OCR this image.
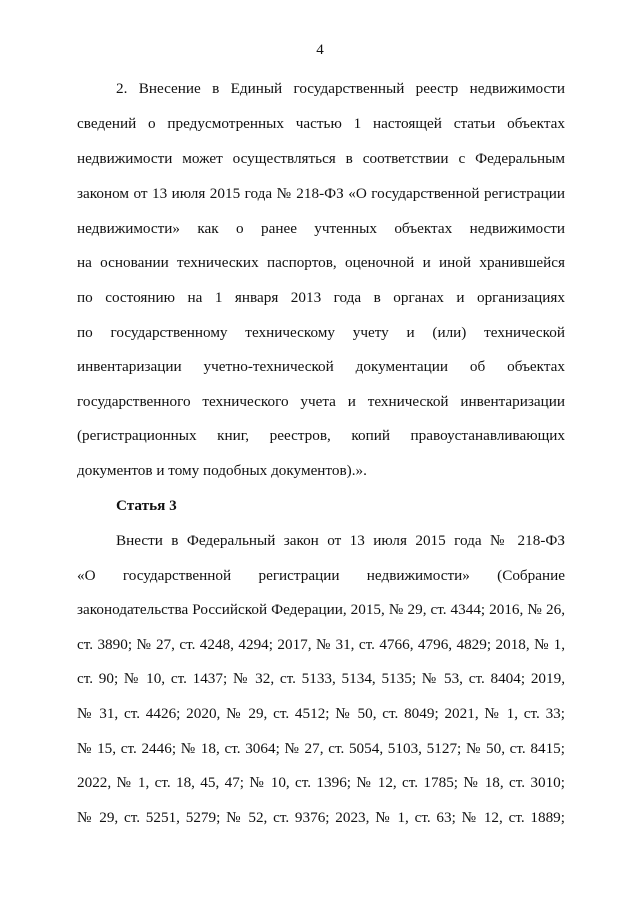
4
2. Внесение в Единый государственный реестр недвижимости
сведений о предусмотренных частью 1 настоящей статьи объектах
недвижимости может осуществляться в соответствии с Федеральным
законом от 13 июля 2015 года № 218-ФЗ «О государственной регистрации
недвижимости» как о ранее учтенных объектах недвижимости
на основании технических паспортов, оценочной и иной хранившейся
по состоянию на 1 января 2013 года в органах и организациях
по государственному техническому учету и (или) технической
инвентаризации учетно-технической документации об объектах
государственного технического учета и технической инвентаризации
(регистрационных книг, реестров, копий правоустанавливающих
документов и тому подобных документов).».
Статья 3
Внести в Федеральный закон от 13 июля 2015 года № 218-ФЗ
«О государственной регистрации недвижимости» (Собрание
законодательства Российской Федерации, 2015, № 29, ст. 4344; 2016, № 26,
ст. 3890; № 27, ст. 4248, 4294; 2017, № 31, ст. 4766, 4796, 4829; 2018, № 1,
ст. 90; № 10, ст. 1437; № 32, ст. 5133, 5134, 5135; № 53, ст. 8404; 2019,
№ 31, ст. 4426; 2020, № 29, ст. 4512; № 50, ст. 8049; 2021, № 1, ст. 33;
№ 15, ст. 2446; № 18, ст. 3064; № 27, ст. 5054, 5103, 5127; № 50, ст. 8415;
2022, № 1, ст. 18, 45, 47; № 10, ст. 1396; № 12, ст. 1785; № 18, ст. 3010;
№ 29, ст. 5251, 5279; № 52, ст. 9376; 2023, № 1, ст. 63; № 12, ст. 1889;
